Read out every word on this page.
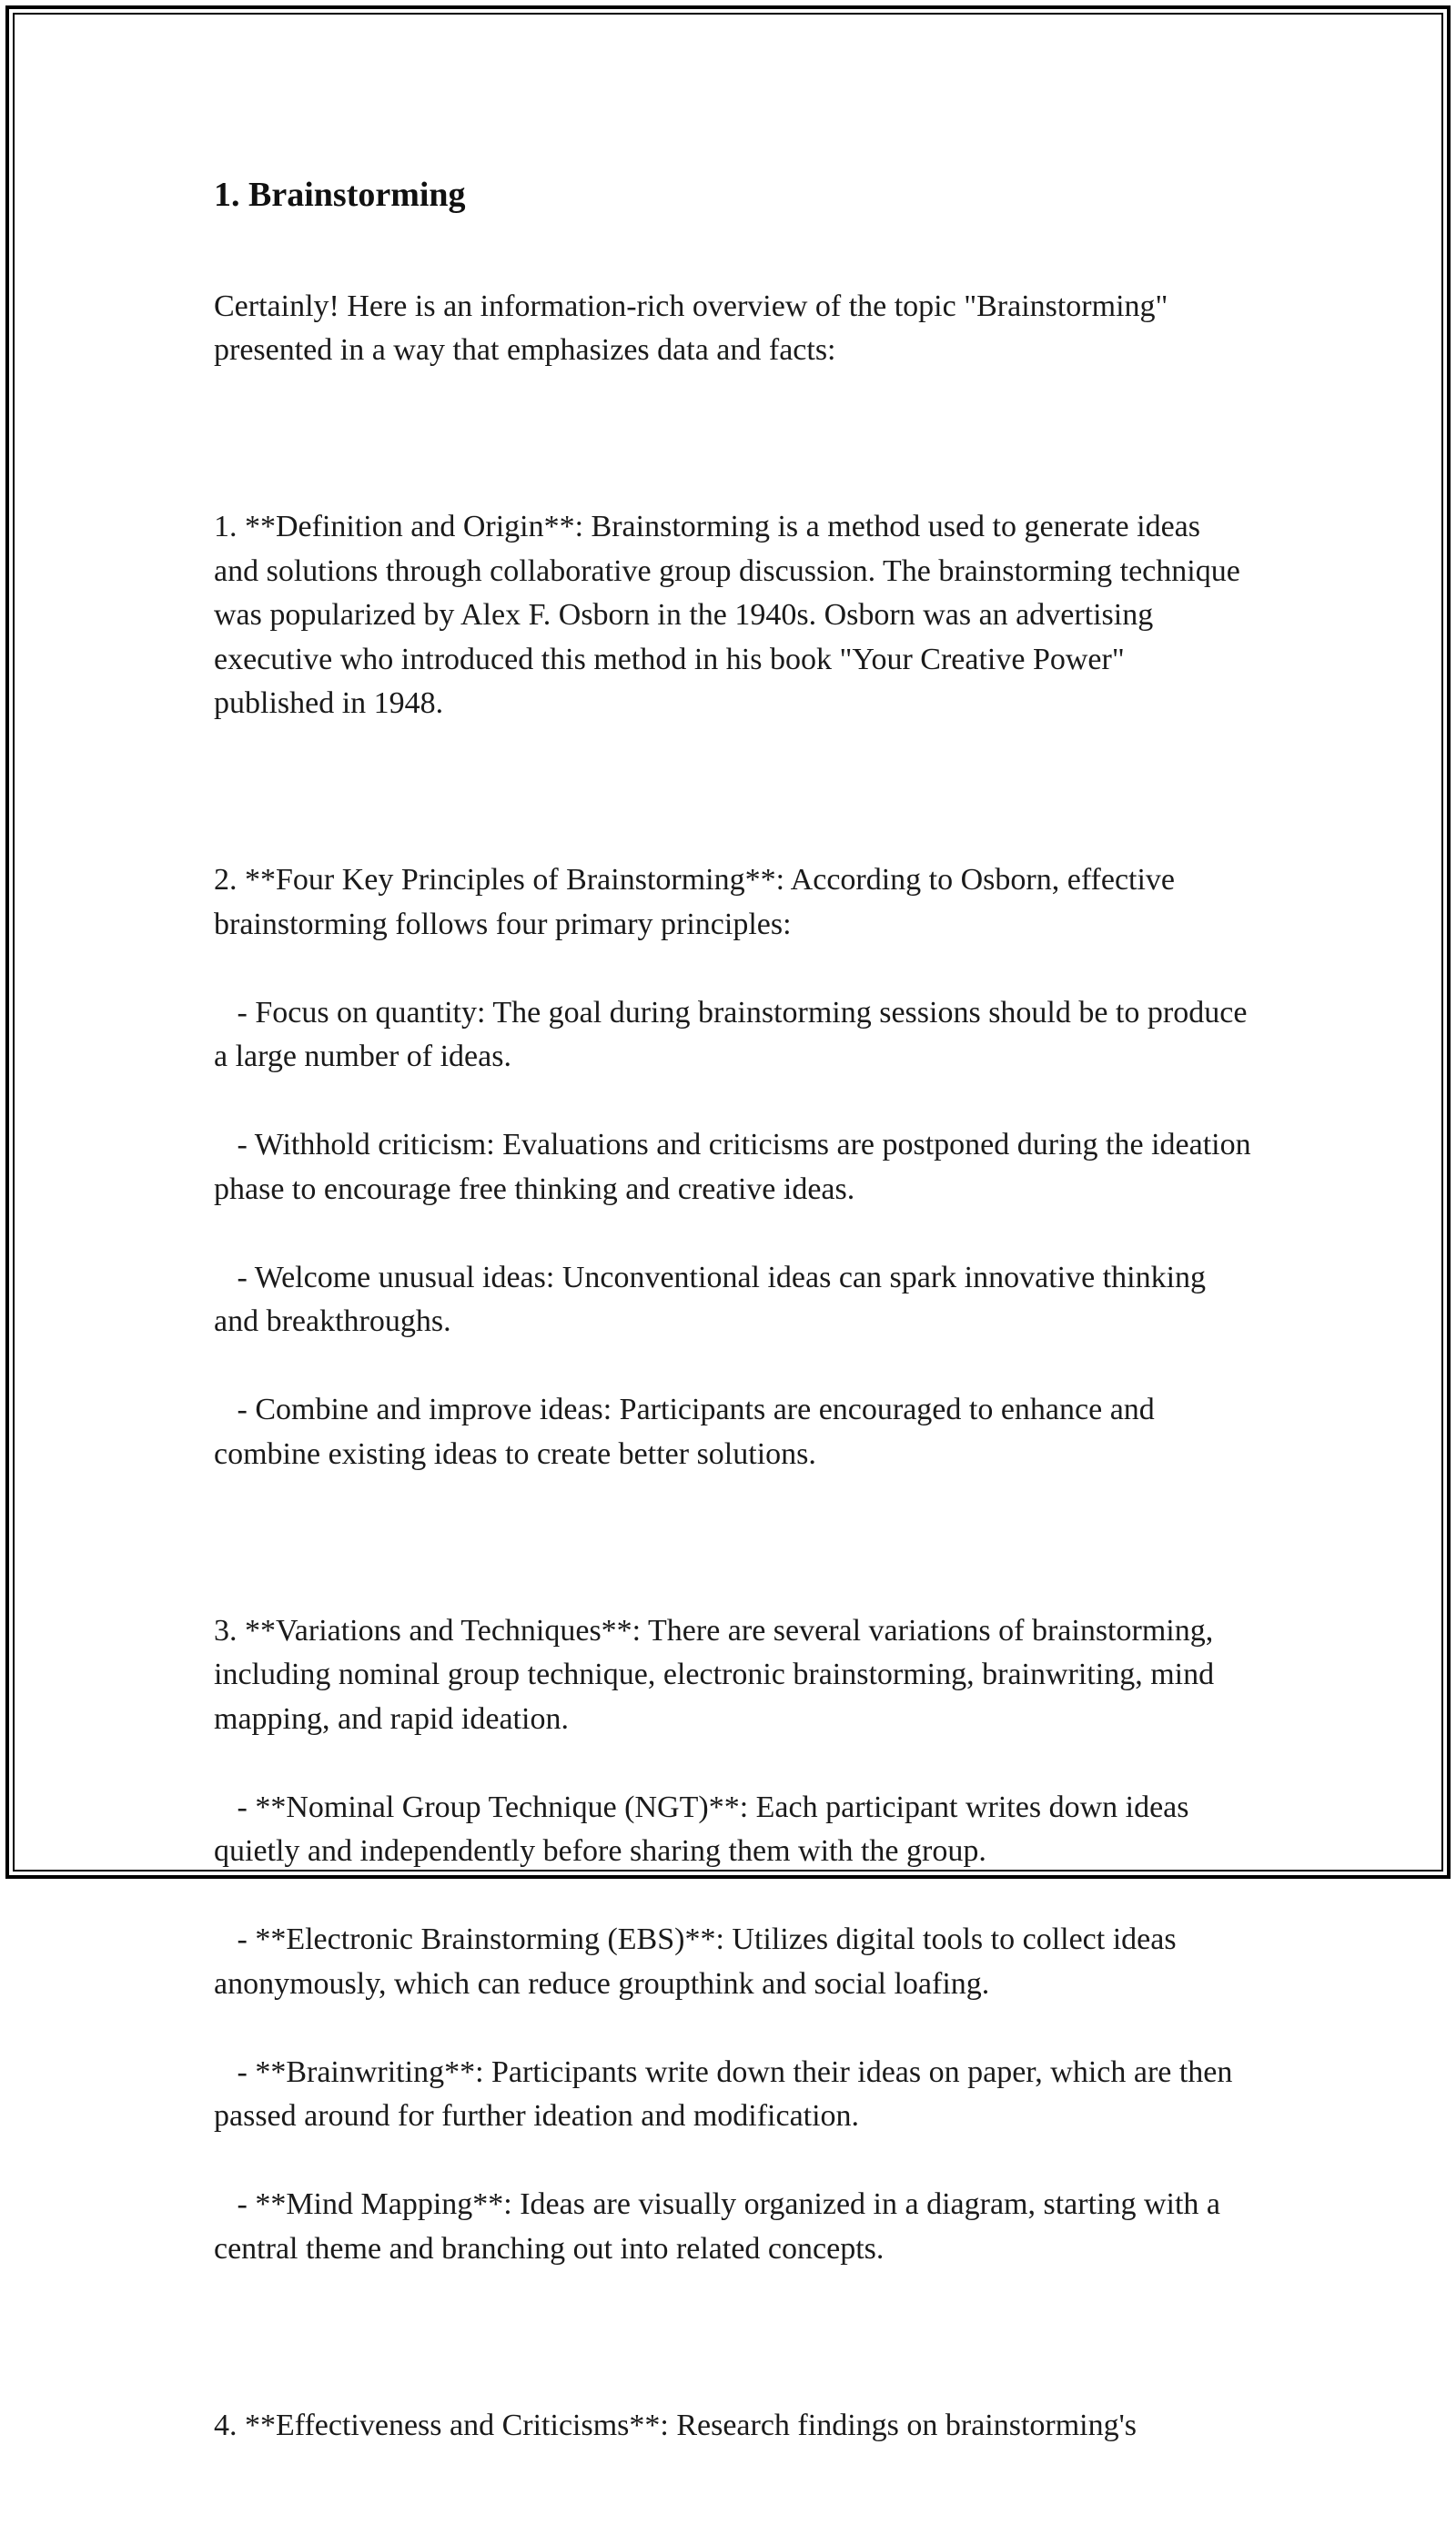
1. Brainstorming

Certainly! Here is an information-rich overview of the topic "Brainstorming" presented in a way that emphasizes data and facts:

1. **Definition and Origin**: Brainstorming is a method used to generate ideas and solutions through collaborative group discussion. The brainstorming technique was popularized by Alex F. Osborn in the 1940s. Osborn was an advertising executive who introduced this method in his book "Your Creative Power" published in 1948.

2. **Four Key Principles of Brainstorming**: According to Osborn, effective brainstorming follows four primary principles:

- Focus on quantity: The goal during brainstorming sessions should be to produce a large number of ideas.

- Withhold criticism: Evaluations and criticisms are postponed during the ideation phase to encourage free thinking and creative ideas.

- Welcome unusual ideas: Unconventional ideas can spark innovative thinking and breakthroughs.

- Combine and improve ideas: Participants are encouraged to enhance and combine existing ideas to create better solutions.

3. **Variations and Techniques**: There are several variations of brainstorming, including nominal group technique, electronic brainstorming, brainwriting, mind mapping, and rapid ideation.

- **Nominal Group Technique (NGT)**: Each participant writes down ideas quietly and independently before sharing them with the group.

- **Electronic Brainstorming (EBS)**: Utilizes digital tools to collect ideas anonymously, which can reduce groupthink and social loafing.

- **Brainwriting**: Participants write down their ideas on paper, which are then passed around for further ideation and modification.

- **Mind Mapping**: Ideas are visually organized in a diagram, starting with a central theme and branching out into related concepts.

4. **Effectiveness and Criticisms**: Research findings on brainstorming's
